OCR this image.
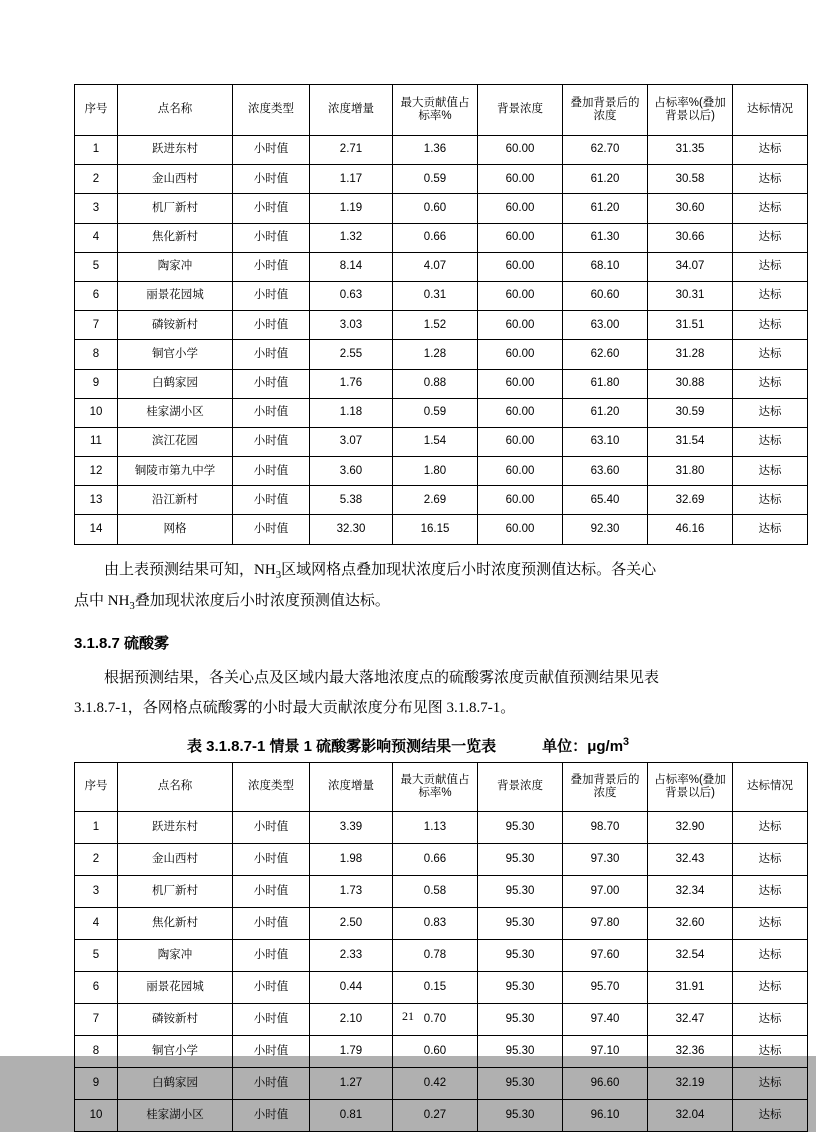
序号	点名称	浓度类型	浓度增量	最大贡献值占标率%	背景浓度	叠加背景后的浓度	占标率%(叠加背景以后)	达标情况
1	跃进东村	小时值	2.71	1.36	60.00	62.70	31.35	达标
2	金山西村	小时值	1.17	0.59	60.00	61.20	30.58	达标
3	机厂新村	小时值	1.19	0.60	60.00	61.20	30.60	达标
4	焦化新村	小时值	1.32	0.66	60.00	61.30	30.66	达标
5	陶家冲	小时值	8.14	4.07	60.00	68.10	34.07	达标
6	丽景花园城	小时值	0.63	0.31	60.00	60.60	30.31	达标
7	磷铵新村	小时值	3.03	1.52	60.00	63.00	31.51	达标
8	铜官小学	小时值	2.55	1.28	60.00	62.60	31.28	达标
9	白鹤家园	小时值	1.76	0.88	60.00	61.80	30.88	达标
10	桂家湖小区	小时值	1.18	0.59	60.00	61.20	30.59	达标
11	滨江花园	小时值	3.07	1.54	60.00	63.10	31.54	达标
12	铜陵市第九中学	小时值	3.60	1.80	60.00	63.60	31.80	达标
13	沿江新村	小时值	5.38	2.69	60.00	65.40	32.69	达标
14	网格	小时值	32.30	16.15	60.00	92.30	46.16	达标

由上表预测结果可知，$NH_3$区域网格点叠加现状浓度后小时浓度预测值达标。各关心

点中 $NH_3$叠加现状浓度后小时浓度预测值达标。

3.1.8.7 硫酸雾

根据预测结果，各关心点及区域内最大落地浓度点的硫酸雾浓度贡献值预测结果见表

3.1.8.7-1，各网格点硫酸雾的小时最大贡献浓度分布见图 3.1.8.7-1。

表 3.1.8.7-1 情景 1 硫酸雾影响预测结果一览表	单位：$\mu g/m^3$
序号	点名称	浓度类型	浓度增量	最大贡献值占标率%	背景浓度	叠加背景后的浓度	占标率%(叠加背景以后)	达标情况
1	跃进东村	小时值	3.39	1.13	95.30	98.70	32.90	达标
2	金山西村	小时值	1.98	0.66	95.30	97.30	32.43	达标
3	机厂新村	小时值	1.73	0.58	95.30	97.00	32.34	达标
4	焦化新村	小时值	2.50	0.83	95.30	97.80	32.60	达标
5	陶家冲	小时值	2.33	0.78	95.30	97.60	32.54	达标
6	丽景花园城	小时值	0.44	0.15	95.30	95.70	31.91	达标
7	磷铵新村	小时值	2.10	0.70	95.30	97.40	32.47	达标
8	铜官小学	小时值	1.79	0.60	95.30	97.10	32.36	达标
9	白鹤家园	小时值	1.27	0.42	95.30	96.60	32.19	达标
10	桂家湖小区	小时值	0.81	0.27	95.30	96.10	32.04	达标
21
